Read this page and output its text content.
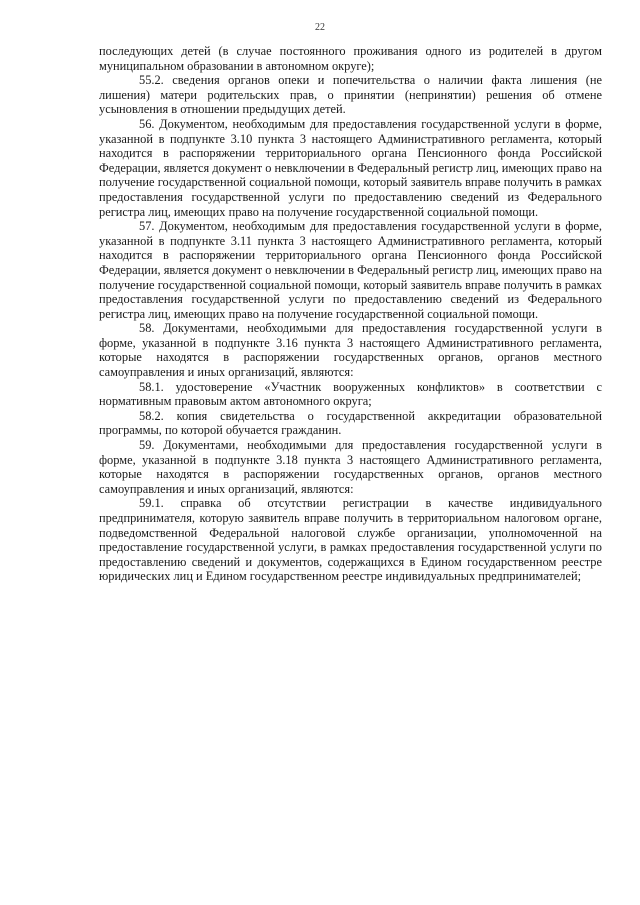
22

последующих детей (в случае постоянного проживания одного из родителей в другом муниципальном образовании в автономном округе);

55.2. сведения органов опеки и попечительства о наличии факта лишения (не лишения) матери родительских прав, о принятии (непринятии) решения об отмене усыновления в отношении предыдущих детей.

56. Документом, необходимым для предоставления государственной услуги в форме, указанной в подпункте 3.10 пункта 3 настоящего Административного регламента, который находится в распоряжении территориального органа Пенсионного фонда Российской Федерации, является документ о невключении в Федеральный регистр лиц, имеющих право на получение государственной социальной помощи, который заявитель вправе получить в рамках предоставления государственной услуги по предоставлению сведений из Федерального регистра лиц, имеющих право на получение государственной социальной помощи.

57. Документом, необходимым для предоставления государственной услуги в форме, указанной в подпункте 3.11 пункта 3 настоящего Административного регламента, который находится в распоряжении территориального органа Пенсионного фонда Российской Федерации, является документ о невключении в Федеральный регистр лиц, имеющих право на получение государственной социальной помощи, который заявитель вправе получить в рамках предоставления государственной услуги по предоставлению сведений из Федерального регистра лиц, имеющих право на получение государственной социальной помощи.

58. Документами, необходимыми для предоставления государственной услуги в форме, указанной в подпункте 3.16 пункта 3 настоящего Административного регламента, которые находятся в распоряжении государственных органов, органов местного самоуправления и иных организаций, являются:

58.1. удостоверение «Участник вооруженных конфликтов» в соответствии с нормативным правовым актом автономного округа;

58.2. копия свидетельства о государственной аккредитации образовательной программы, по которой обучается гражданин.

59. Документами, необходимыми для предоставления государственной услуги в форме, указанной в подпункте 3.18 пункта 3 настоящего Административного регламента, которые находятся в распоряжении государственных органов, органов местного самоуправления и иных организаций, являются:

59.1. справка об отсутствии регистрации в качестве индивидуального предпринимателя, которую заявитель вправе получить в территориальном налоговом органе, подведомственной Федеральной налоговой службе организации, уполномоченной на предоставление государственной услуги, в рамках предоставления государственной услуги по предоставлению сведений и документов, содержащихся в Едином государственном реестре юридических лиц и Едином государственном реестре индивидуальных предпринимателей;
